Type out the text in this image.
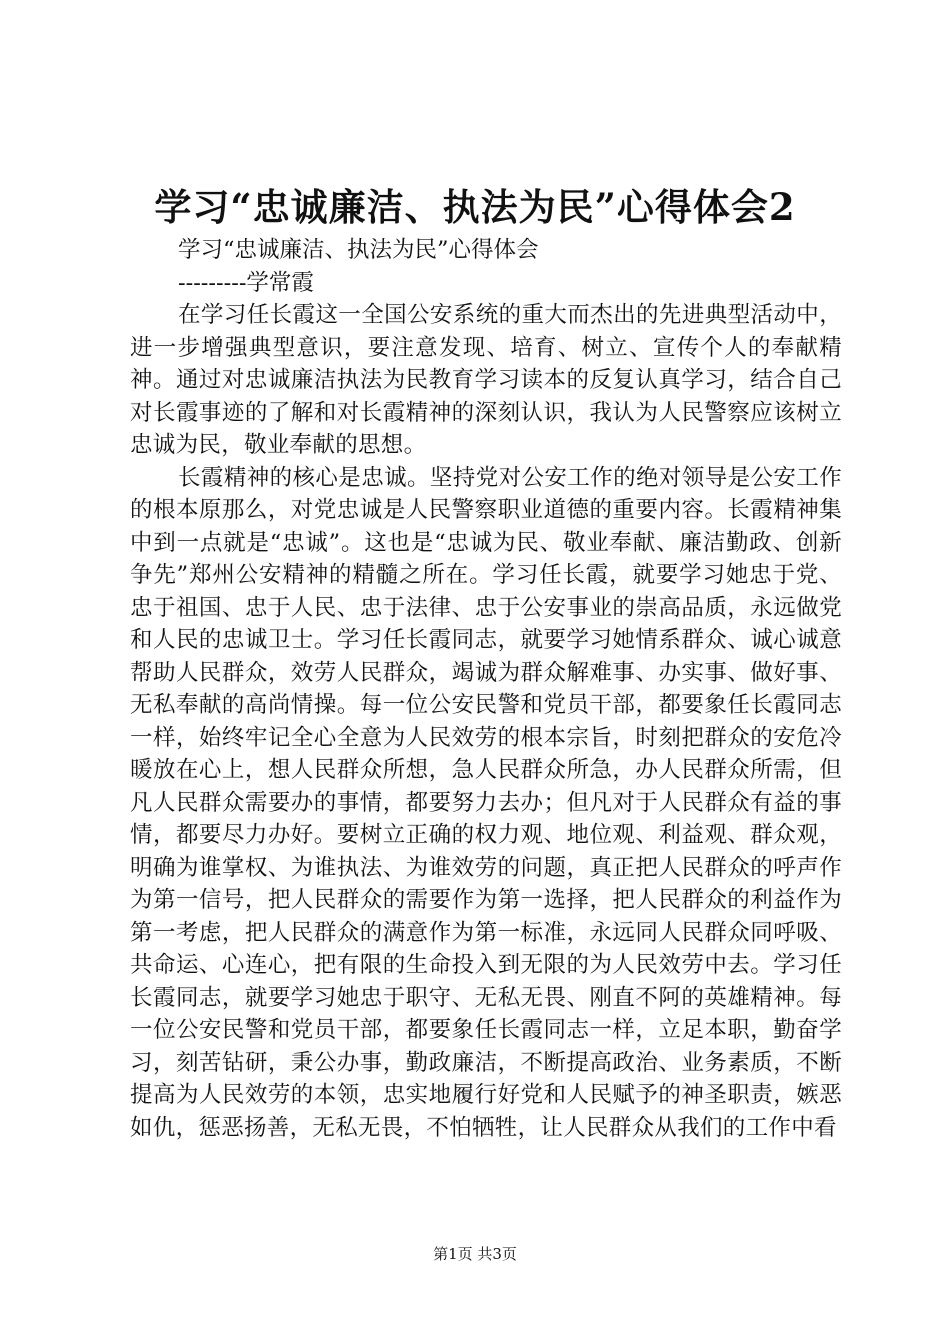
学习“忠诚廉洁、执法为民”心得体会2

学习“忠诚廉洁、执法为民”心得体会

---------学常霞

在学习任长霞这一全国公安系统的重大而杰出的先进典型活动中，进一步增强典型意识，要注意发现、培育、树立、宣传个人的奉献精神。通过对忠诚廉洁执法为民教育学习读本的反复认真学习，结合自己对长霞事迹的了解和对长霞精神的深刻认识，我认为人民警察应该树立忠诚为民，敬业奉献的思想。

长霞精神的核心是忠诚。坚持党对公安工作的绝对领导是公安工作的根本原那么，对党忠诚是人民警察职业道德的重要内容。长霞精神集中到一点就是“忠诚”。这也是“忠诚为民、敬业奉献、廉洁勤政、创新争先”郑州公安精神的精髓之所在。学习任长霞，就要学习她忠于党、忠于祖国、忠于人民、忠于法律、忠于公安事业的崇高品质，永远做党和人民的忠诚卫士。学习任长霞同志，就要学习她情系群众、诚心诚意帮助人民群众，效劳人民群众，竭诚为群众解难事、办实事、做好事、无私奉献的高尚情操。每一位公安民警和党员干部，都要象任长霞同志一样，始终牢记全心全意为人民效劳的根本宗旨，时刻把群众的安危冷暖放在心上，想人民群众所想，急人民群众所急，办人民群众所需，但凡人民群众需要办的事情，都要努力去办；但凡对于人民群众有益的事情，都要尽力办好。要树立正确的权力观、地位观、利益观、群众观，明确为谁掌权、为谁执法、为谁效劳的问题，真正把人民群众的呼声作为第一信号，把人民群众的需要作为第一选择，把人民群众的利益作为第一考虑，把人民群众的满意作为第一标准，永远同人民群众同呼吸、共命运、心连心，把有限的生命投入到无限的为人民效劳中去。学习任长霞同志，就要学习她忠于职守、无私无畏、刚直不阿的英雄精神。每一位公安民警和党员干部，都要象任长霞同志一样，立足本职，勤奋学习，刻苦钻研，秉公办事，勤政廉洁，不断提高政治、业务素质，不断提高为人民效劳的本领，忠实地履行好党和人民赋予的神圣职责，嫉恶如仇，惩恶扬善，无私无畏，不怕牺牲，让人民群众从我们的工作中看

第1页 共3页
